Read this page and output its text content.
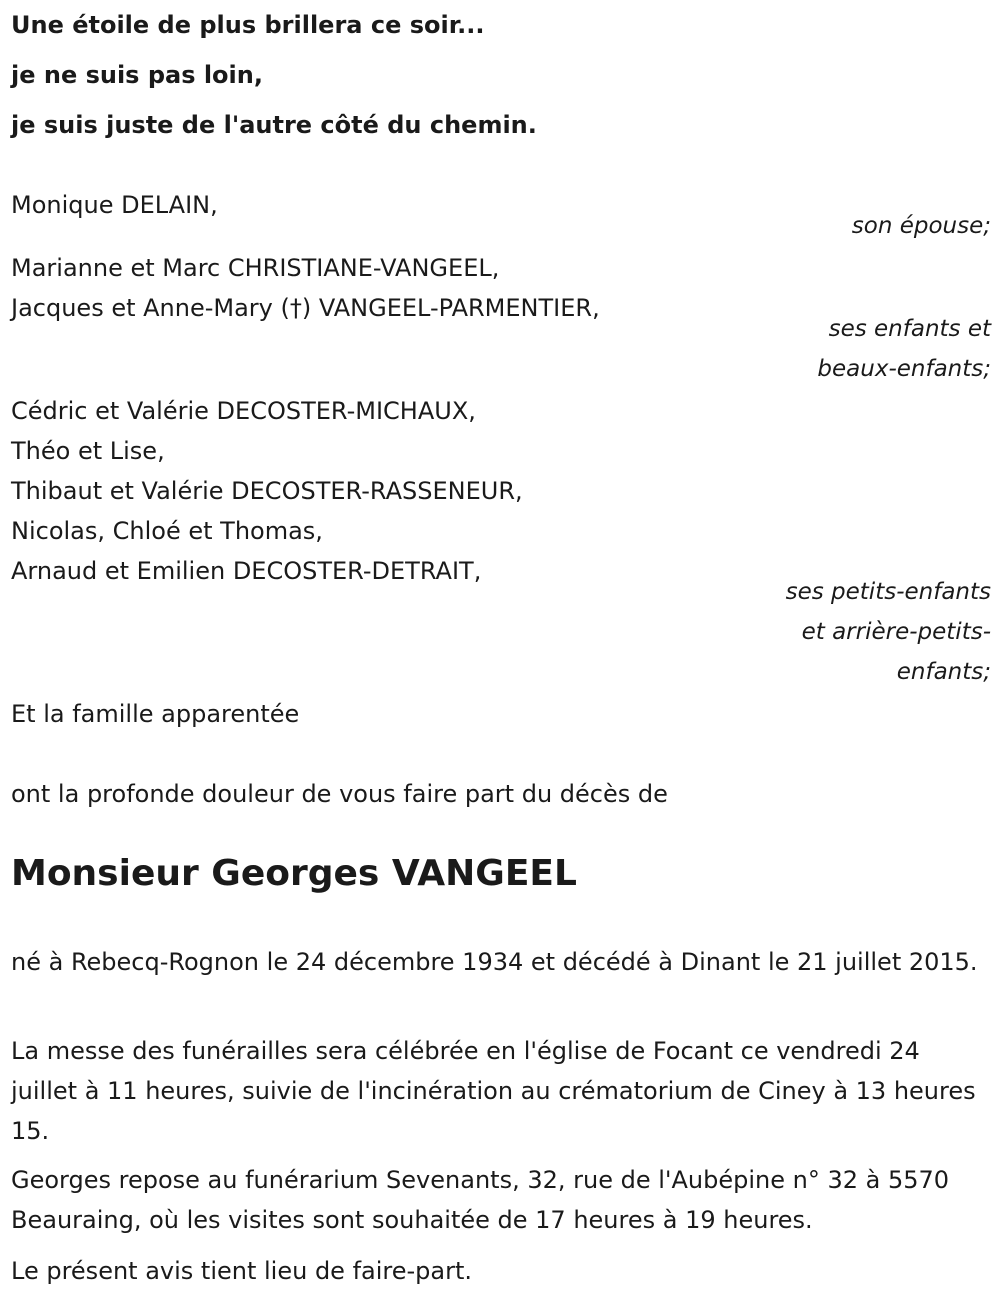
Une étoile de plus brillera ce soir...
je ne suis pas loin,
je suis juste de l'autre côté du chemin.
Monique DELAIN,
son épouse;
Marianne et Marc CHRISTIANE-VANGEEL,
Jacques et Anne-Mary (†) VANGEEL-PARMENTIER,
ses enfants et
beaux-enfants;
Cédric et Valérie DECOSTER-MICHAUX,
Théo et Lise,
Thibaut et Valérie DECOSTER-RASSENEUR,
Nicolas, Chloé et Thomas,
Arnaud et Emilien DECOSTER-DETRAIT,
ses petits-enfants
et arrière-petits-
enfants;
Et la famille apparentée
ont la profonde douleur de vous faire part du décès de
Monsieur Georges VANGEEL
né à Rebecq-Rognon le 24 décembre 1934 et décédé à Dinant le 21 juillet 2015.
La messe des funérailles sera célébrée en l'église de Focant ce vendredi 24 juillet à 11 heures, suivie de l'incinération au crématorium de Ciney à 13 heures 15.
Georges repose au funérarium Sevenants, 32, rue de l'Aubépine n° 32 à 5570 Beauraing, où les visites sont souhaitée de 17 heures à 19 heures.
Le présent avis tient lieu de faire-part.
